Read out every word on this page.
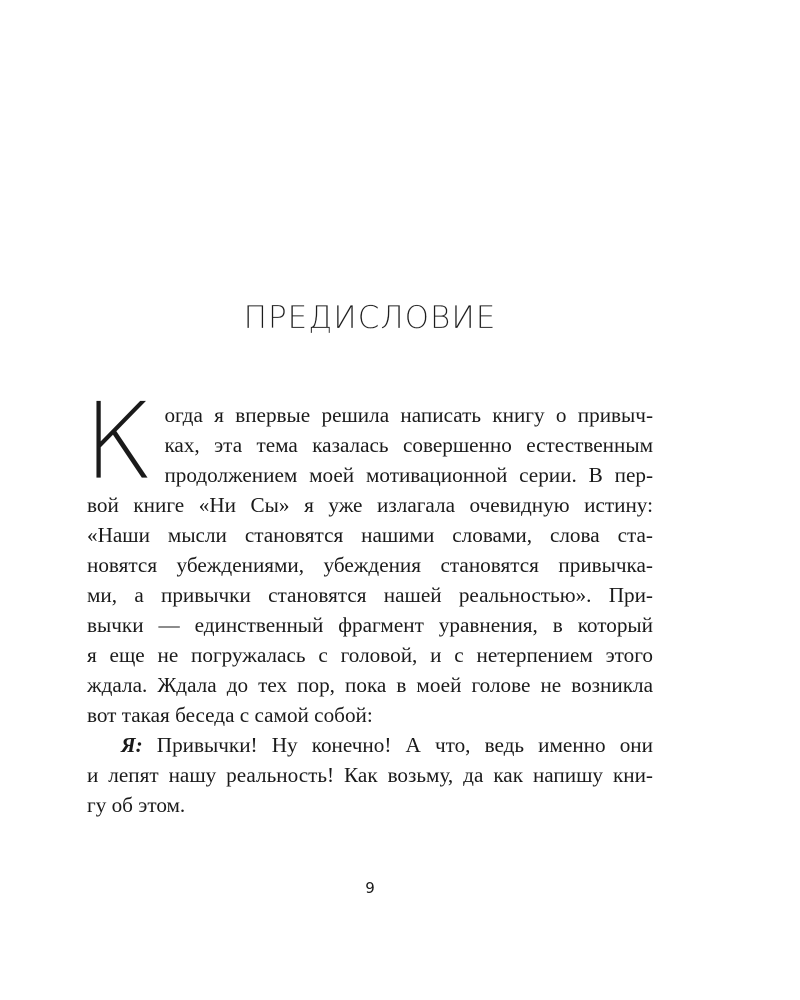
ПРЕДИСЛОВИЕ
К огда я впервые решила написать книгу о привыч-
ках, эта тема казалась совершенно естественным
продолжением моей мотивационной серии. В пер-
вой книге «Ни Сы» я уже излагала очевидную истину:
«Наши мысли становятся нашими словами, слова ста-
новятся убеждениями, убеждения становятся привычка-
ми, а привычки становятся нашей реальностью». При-
вычки — единственный фрагмент уравнения, в который
я еще не погружалась с головой, и с нетерпением этого
ждала. Ждала до тех пор, пока в моей голове не возникла
вот такая беседа с самой собой:
Я: Привычки! Ну конечно! А что, ведь именно они
и лепят нашу реальность! Как возьму, да как напишу кни-
гу об этом.
9
